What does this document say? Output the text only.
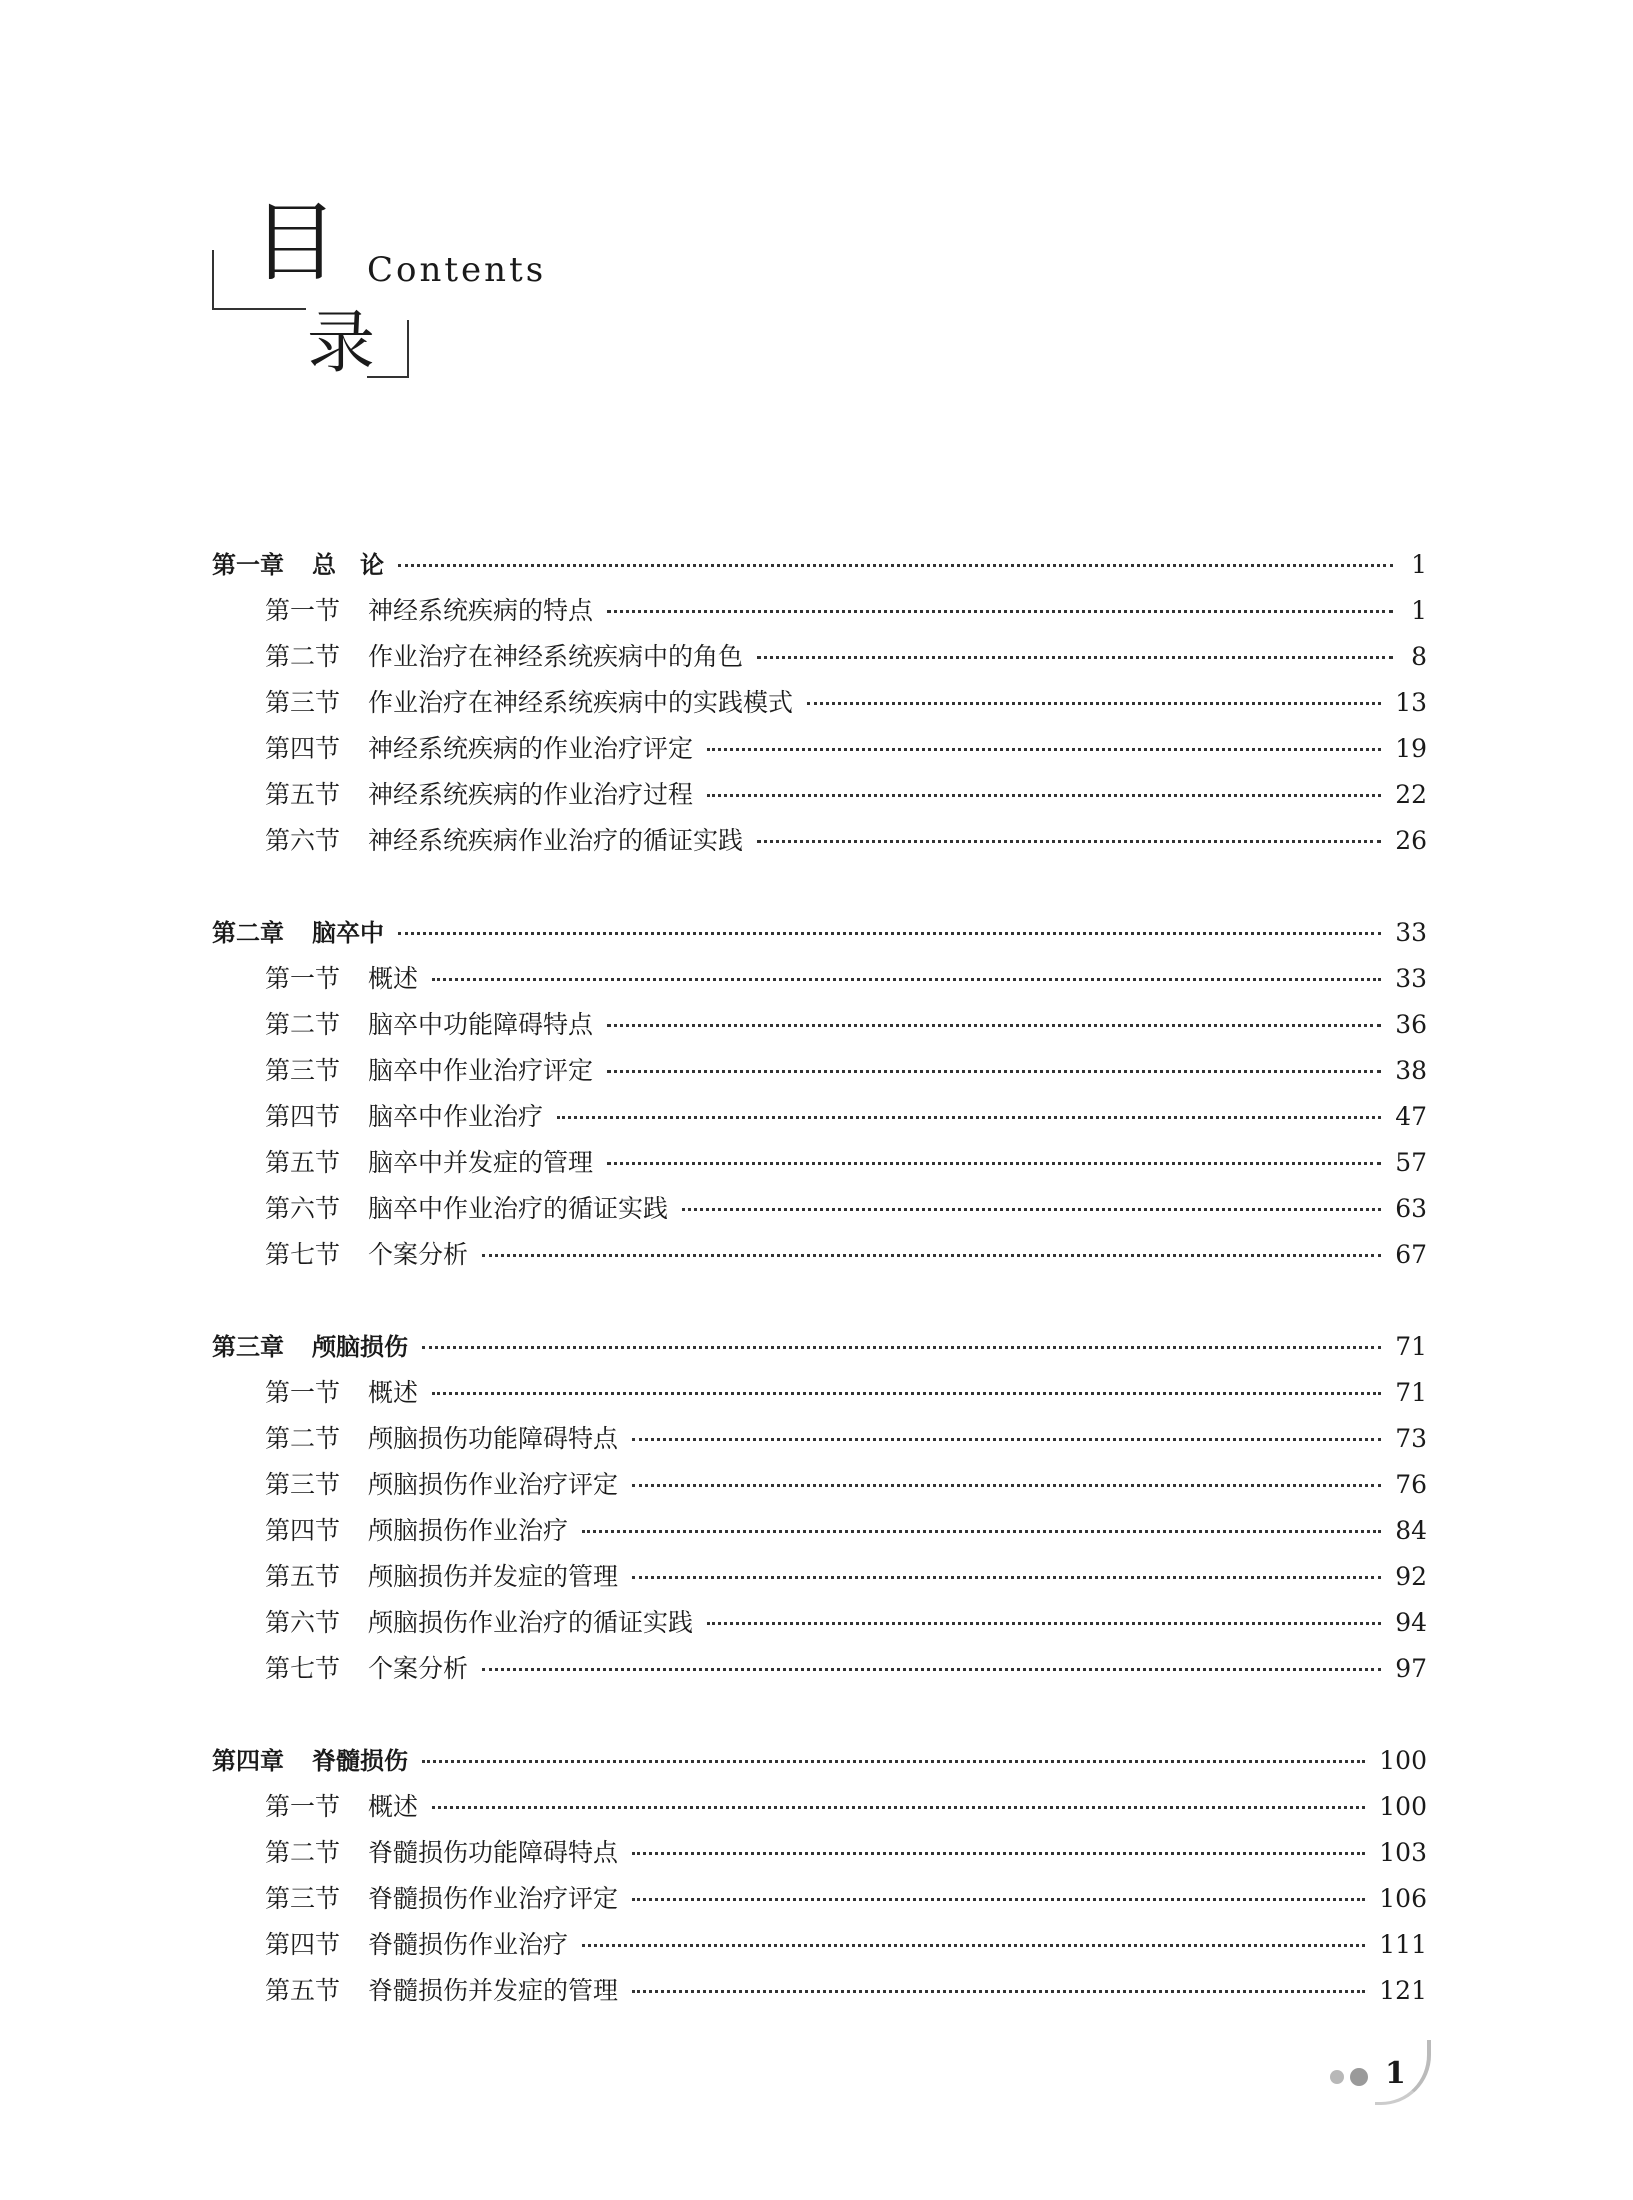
目 Contents
录
第一章 总　论	1
第一节 神经系统疾病的特点	1
第二节 作业治疗在神经系统疾病中的角色	8
第三节 作业治疗在神经系统疾病中的实践模式	13
第四节 神经系统疾病的作业治疗评定	19
第五节 神经系统疾病的作业治疗过程	22
第六节 神经系统疾病作业治疗的循证实践	26
第二章 脑卒中	33
第一节 概述	33
第二节 脑卒中功能障碍特点	36
第三节 脑卒中作业治疗评定	38
第四节 脑卒中作业治疗	47
第五节 脑卒中并发症的管理	57
第六节 脑卒中作业治疗的循证实践	63
第七节 个案分析	67
第三章 颅脑损伤	71
第一节 概述	71
第二节 颅脑损伤功能障碍特点	73
第三节 颅脑损伤作业治疗评定	76
第四节 颅脑损伤作业治疗	84
第五节 颅脑损伤并发症的管理	92
第六节 颅脑损伤作业治疗的循证实践	94
第七节 个案分析	97
第四章 脊髓损伤	100
第一节 概述	100
第二节 脊髓损伤功能障碍特点	103
第三节 脊髓损伤作业治疗评定	106
第四节 脊髓损伤作业治疗	111
第五节 脊髓损伤并发症的管理	121
1
